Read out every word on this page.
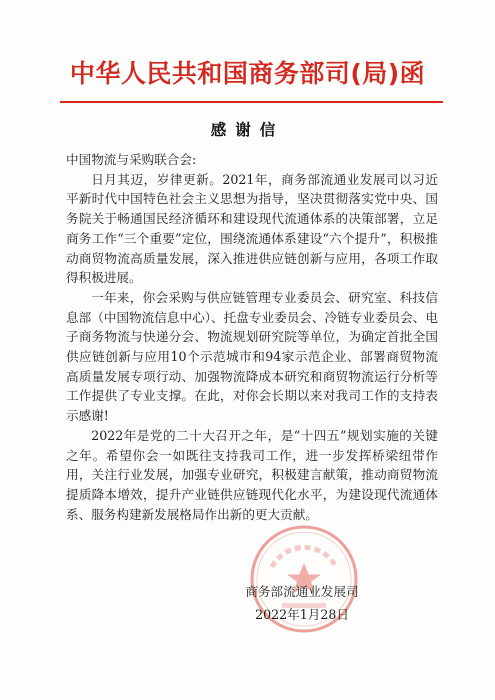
中华人民共和国商务部司(局)函
感谢信

中国物流与采购联合会:

日月其迈，岁律更新。2021年，商务部流通业发展司以习近平新时代中国特色社会主义思想为指导，坚决贯彻落实党中央、国务院关于畅通国民经济循环和建设现代流通体系的决策部署，立足商务工作“三个重要”定位，围绕流通体系建设“六个提升”，积极推动商贸物流高质量发展，深入推进供应链创新与应用，各项工作取得积极进展。

一年来，你会采购与供应链管理专业委员会、研究室、科技信息部（中国物流信息中心）、托盘专业委员会、冷链专业委员会、电子商务物流与快递分会、物流规划研究院等单位，为确定首批全国供应链创新与应用10个示范城市和94家示范企业、部署商贸物流高质量发展专项行动、加强物流降成本研究和商贸物流运行分析等工作提供了专业支撑。在此，对你会长期以来对我司工作的支持表示感谢!

2022年是党的二十大召开之年，是“十四五”规划实施的关键之年。希望你会一如既往支持我司工作，进一步发挥桥梁纽带作用，关注行业发展，加强专业研究，积极建言献策，推动商贸物流提质降本增效，提升产业链供应链现代化水平，为建设现代流通体系、服务构建新发展格局作出新的更大贡献。

商务部流通业发展司
2022年1月28日
